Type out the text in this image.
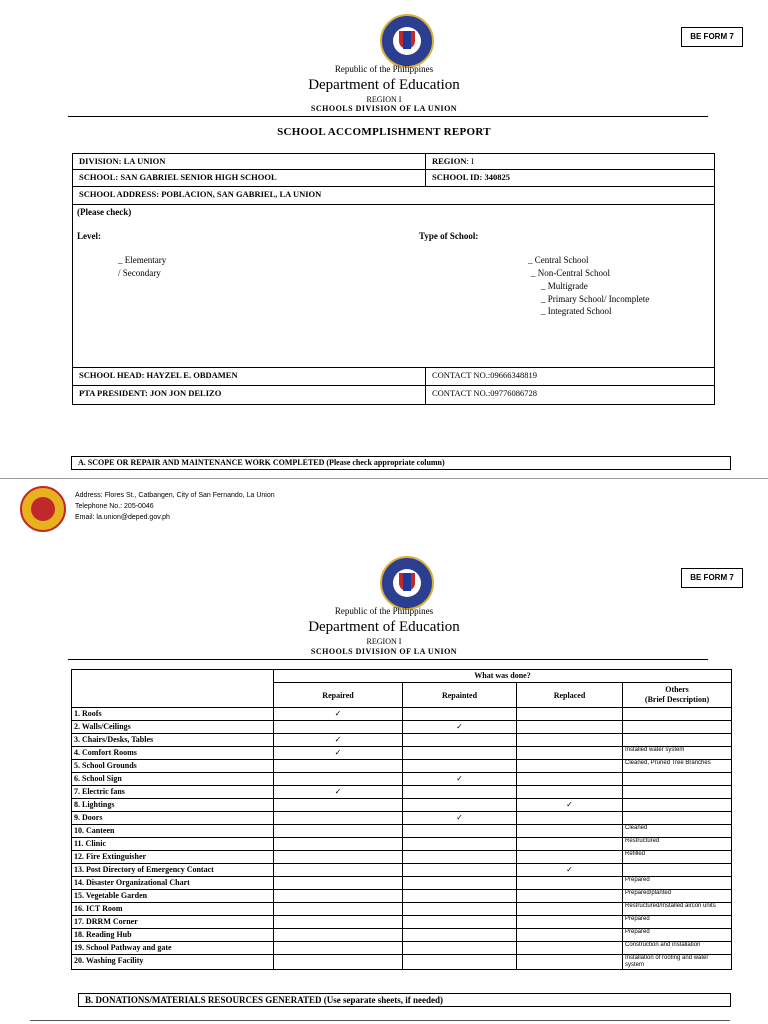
BE FORM 7
Republic of the Philippines
Department of Education
REGION I
SCHOOLS DIVISION OF LA UNION
SCHOOL ACCOMPLISHMENT REPORT
DIVISION: LA UNION	REGION: I
SCHOOL: SAN GABRIEL SENIOR HIGH SCHOOL	SCHOOL ID: 340825
SCHOOL ADDRESS: POBLACION, SAN GABRIEL, LA UNION
(Please check)
Level:	Type of School:
_ Elementary
/ Secondary
_ Central School
_ Non-Central School
_ Multigrade
_ Primary School/ Incomplete
_ Integrated School
SCHOOL HEAD: HAYZEL E. OBDAMEN	CONTACT NO.:09666348819
PTA PRESIDENT: JON JON DELIZO	CONTACT NO.:09776086728
A. SCOPE OR REPAIR AND MAINTENANCE WORK COMPLETED (Please check appropriate column)
Address: Flores St., Catbangen, City of San Fernando, La Union
Telephone No.: 205-0046
Email: la.union@deped.gov.ph
BE FORM 7
Republic of the Philippines
Department of Education
REGION I
SCHOOLS DIVISION OF LA UNION
	What was done?			
	Repaired	Repainted	Replaced	Others
(Brief Description)
1. Roofs	✓			
2. Walls/Ceilings		✓		
3. Chairs/Desks, Tables	✓			
4. Comfort Rooms	✓			Installed water system
5. School Grounds				Cleaned, Pruned Tree Branches
6. School Sign		✓		
7. Electric fans	✓			
8. Lightings			✓	
9. Doors		✓		
10. Canteen				Cleaned
11. Clinic				Restructured
12. Fire Extinguisher				Refilled
13. Post Directory of Emergency Contact			✓	
14. Disaster Organizational Chart				Prepared
15. Vegetable Garden				Prepared/planted
16. ICT Room				Restructured/Installed aircon units
17. DRRM Corner				Prepared
18. Reading Hub				Prepared
19. School Pathway and gate				Construction and installation
20. Washing Facility				Installation of roofing and water system
B. DONATIONS/MATERIALS RESOURCES GENERATED (Use separate sheets, if needed)
